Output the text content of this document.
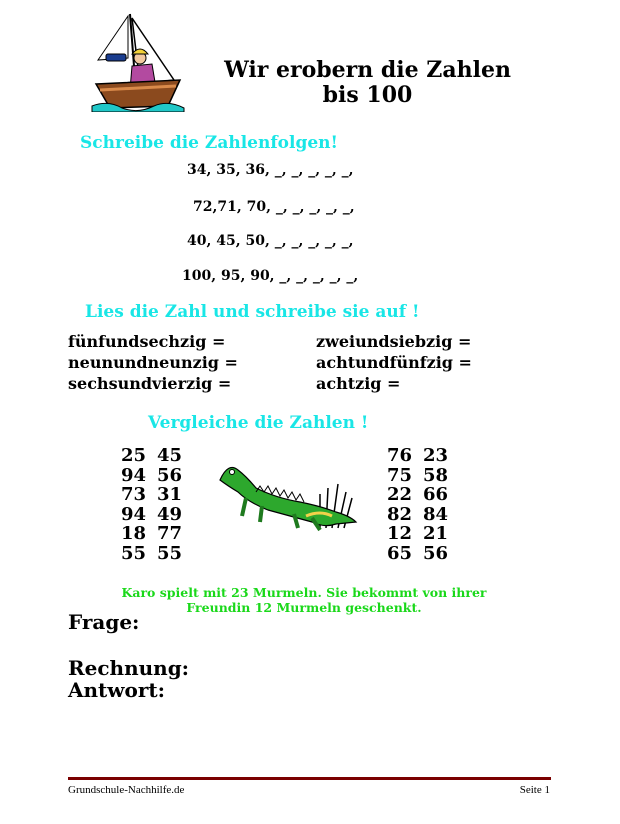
Wir erobern die Zahlen
bis 100
Schreibe die Zahlenfolgen!
34, 35, 36, _, _, _, _, _,
72,71, 70, _, _, _, _, _,
40, 45, 50, _, _, _, _, _,
100, 95, 90, _, _, _, _, _,
Lies die Zahl und schreibe sie auf !
fünfundsechzig =
neunundneunzig =
sechsundvierzig =
zweiundsiebzig =
achtundfünfzig =
achtzig =
Vergleiche die Zahlen !
25 45
94 56
73 31
94 49
18 77
55 55
76 23
75 58
22 66
82 84
12 21
65 56
Karo spielt mit 23 Murmeln. Sie bekommt von ihrer
Freundin 12 Murmeln geschenkt.
Frage:
Rechnung:
Antwort:
Grundschule-Nachhilfe.de	Seite 1
